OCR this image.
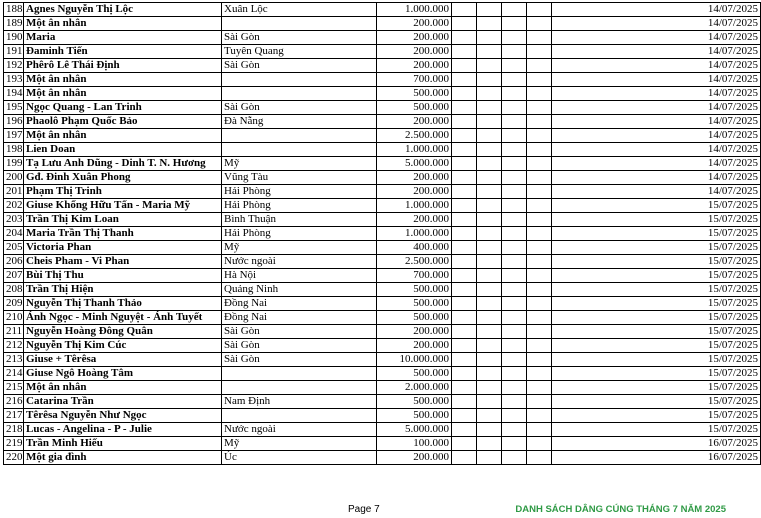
188	Agnes Nguyễn Thị Lộc	Xuân Lộc	1.000.000					14/07/2025
189	Một ân nhân		200.000					14/07/2025
190	Maria	Sài Gòn	200.000					14/07/2025
191	Đaminh Tiến	Tuyên Quang	200.000					14/07/2025
192	Phêrô Lê Thái Định	Sài Gòn	200.000					14/07/2025
193	Một ân nhân		700.000					14/07/2025
194	Một ân nhân		500.000					14/07/2025
195	Ngọc Quang - Lan Trinh	Sài Gòn	500.000					14/07/2025
196	Phaolô Phạm Quốc Bảo	Đà Nẵng	200.000					14/07/2025
197	Một ân nhân		2.500.000					14/07/2025
198	Lien Doan		1.000.000					14/07/2025
199	Tạ Lưu Anh Dũng - Dinh T. N. Hương	Mỹ	5.000.000					14/07/2025
200	Gđ. Đinh Xuân Phong	Vũng Tàu	200.000					14/07/2025
201	Phạm Thị Trinh	Hải Phòng	200.000					14/07/2025
202	Giuse Khổng Hữu Tấn - Maria Mỹ	Hải Phòng	1.000.000					15/07/2025
203	Trần Thị Kim Loan	Bình Thuận	200.000					15/07/2025
204	Maria Trần Thị Thanh	Hải Phòng	1.000.000					15/07/2025
205	Victoria Phan	Mỹ	400.000					15/07/2025
206	Cheis Pham - Vi Phan	Nước ngoài	2.500.000					15/07/2025
207	Bùi Thị Thu	Hà Nội	700.000					15/07/2025
208	Trần Thị Hiện	Quảng Ninh	500.000					15/07/2025
209	Nguyễn Thị Thanh Thảo	Đồng Nai	500.000					15/07/2025
210	Ánh Ngọc - Minh Nguyệt - Ánh Tuyết	Đồng Nai	500.000					15/07/2025
211	Nguyễn Hoàng Đông Quân	Sài Gòn	200.000					15/07/2025
212	Nguyễn Thị Kim Cúc	Sài Gòn	200.000					15/07/2025
213	Giuse + Têrêsa	Sài Gòn	10.000.000					15/07/2025
214	Giuse Ngô Hoàng Tâm		500.000					15/07/2025
215	Một ân nhân		2.000.000					15/07/2025
216	Catarina Trần	Nam Định	500.000					15/07/2025
217	Têrêsa Nguyễn Như Ngọc		500.000					15/07/2025
218	Lucas - Angelina - P - Julie	Nước ngoài	5.000.000					15/07/2025
219	Trần Minh Hiếu	Mỹ	100.000					16/07/2025
220	Một gia đình	Úc	200.000					16/07/2025
Page 7	DANH SÁCH DÂNG CÚNG THÁNG 7 NĂM 2025
